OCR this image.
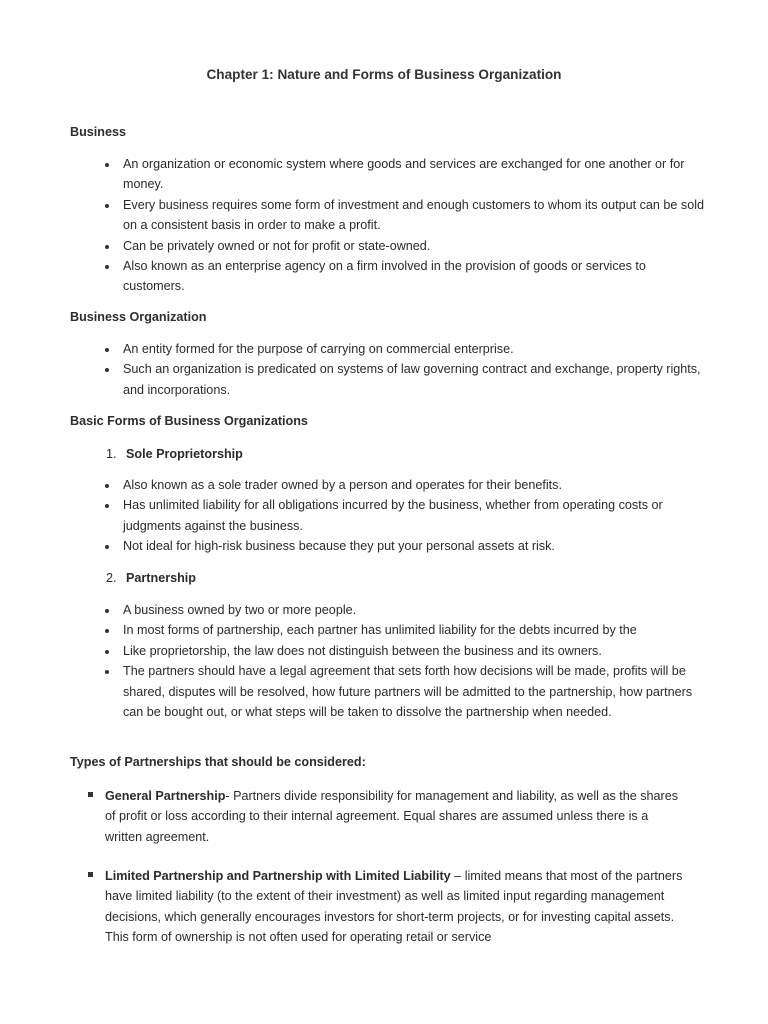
Chapter 1: Nature and Forms of Business Organization
Business
An organization or economic system where goods and services are exchanged for one another or for money.
Every business requires some form of investment and enough customers to whom its output can be sold on a consistent basis in order to make a profit.
Can be privately owned or not for profit or state-owned.
Also known as an enterprise agency on a firm involved in the provision of goods or services to customers.
Business Organization
An entity formed for the purpose of carrying on commercial enterprise.
Such an organization is predicated on systems of law governing contract and exchange, property rights, and incorporations.
Basic Forms of Business Organizations
1. Sole Proprietorship
Also known as a sole trader owned by a person and operates for their benefits.
Has unlimited liability for all obligations incurred by the business, whether from operating costs or judgments against the business.
Not ideal for high-risk business because they put your personal assets at risk.
2. Partnership
A business owned by two or more people.
In most forms of partnership, each partner has unlimited liability for the debts incurred by the
Like proprietorship, the law does not distinguish between the business and its owners.
The partners should have a legal agreement that sets forth how decisions will be made, profits will be shared, disputes will be resolved, how future partners will be admitted to the partnership, how partners can be bought out, or what steps will be taken to dissolve the partnership when needed.
Types of Partnerships that should be considered:
General Partnership- Partners divide responsibility for management and liability, as well as the shares of profit or loss according to their internal agreement. Equal shares are assumed unless there is a written agreement.
Limited Partnership and Partnership with Limited Liability – limited means that most of the partners have limited liability (to the extent of their investment) as well as limited input regarding management decisions, which generally encourages investors for short-term projects, or for investing capital assets. This form of ownership is not often used for operating retail or service
